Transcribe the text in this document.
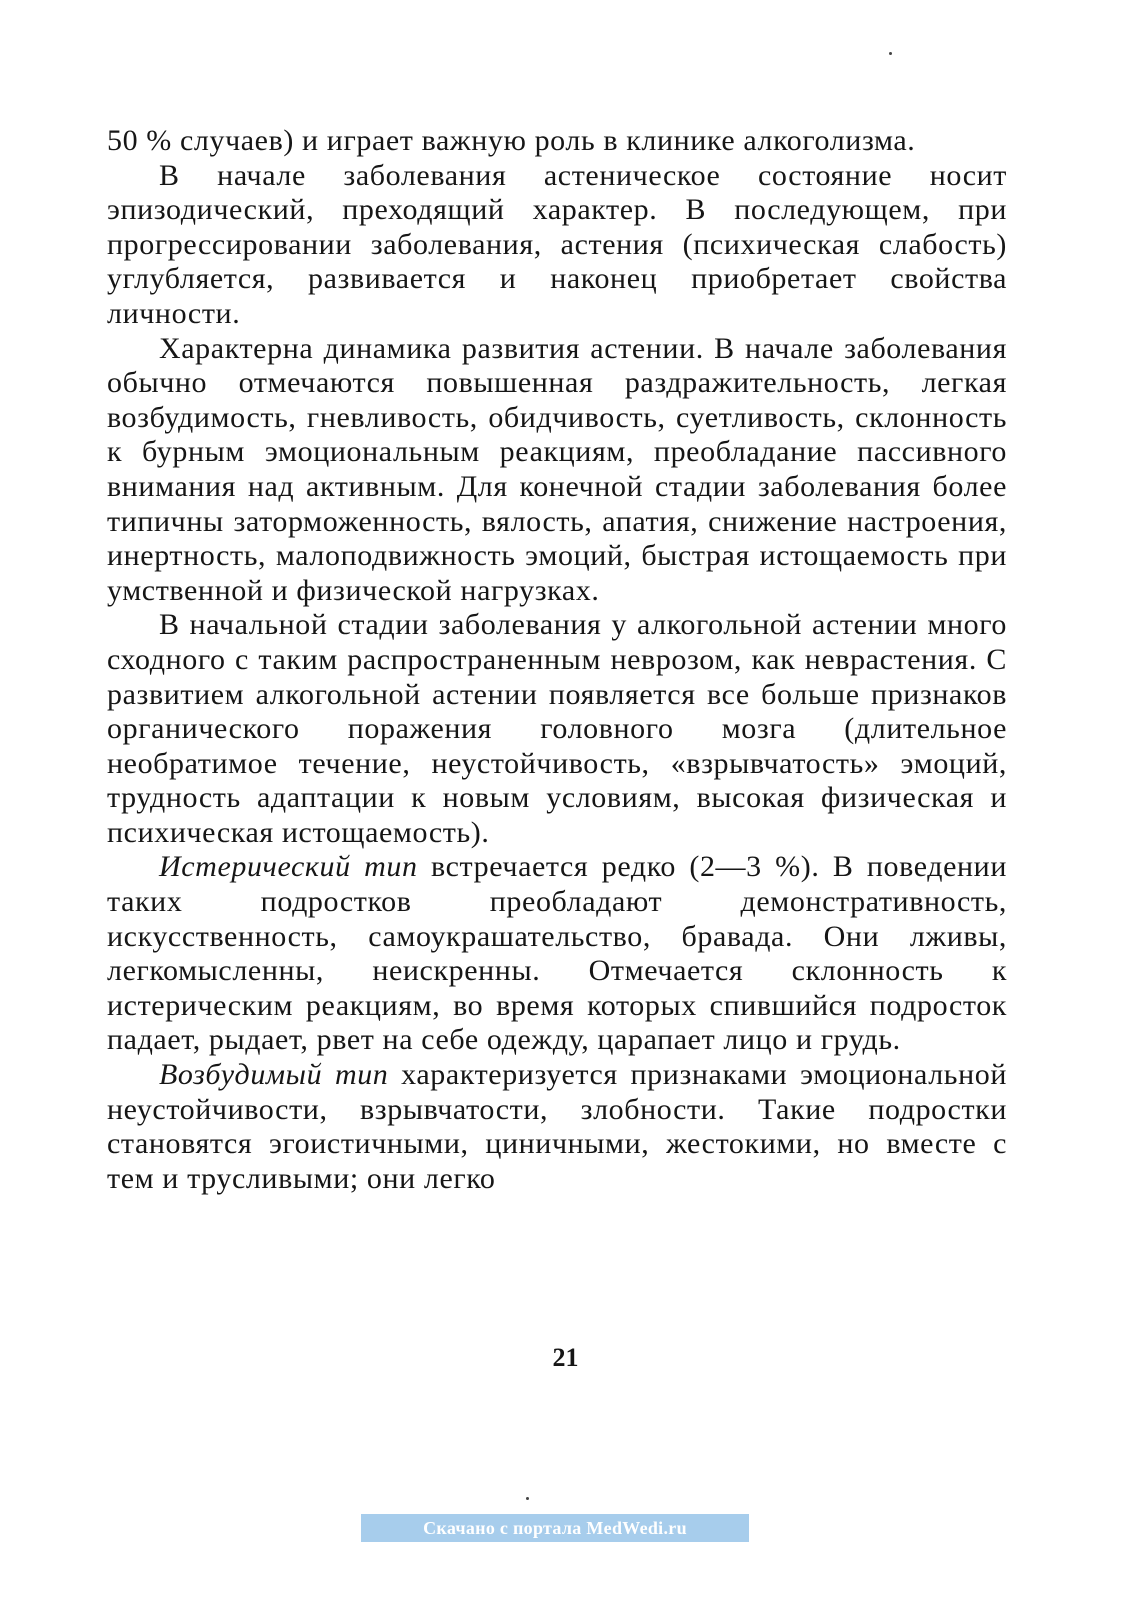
50 % случаев) и играет важную роль в клинике алкоголизма.

В начале заболевания астеническое состояние носит эпизодический, преходящий характер. В последующем, при прогрессировании заболевания, астения (психическая слабость) углубляется, развивается и наконец приобретает свойства личности.

Характерна динамика развития астении. В начале заболевания обычно отмечаются повышенная раздражительность, легкая возбудимость, гневливость, обидчивость, суетливость, склонность к бурным эмоциональным реакциям, преобладание пассивного внимания над активным. Для конечной стадии заболевания более типичны заторможенность, вялость, апатия, снижение настроения, инертность, малоподвижность эмоций, быстрая истощаемость при умственной и физической нагрузках.

В начальной стадии заболевания у алкогольной астении много сходного с таким распространенным неврозом, как неврастения. С развитием алкогольной астении появляется все больше признаков органического поражения головного мозга (длительное необратимое течение, неустойчивость, «взрывчатость» эмоций, трудность адаптации к новым условиям, высокая физическая и психическая истощаемость).

Истерический тип встречается редко (2—3 %). В поведении таких подростков преобладают демонстративность, искусственность, самоукрашательство, бравада. Они лживы, легкомысленны, неискренны. Отмечается склонность к истерическим реакциям, во время которых спившийся подросток падает, рыдает, рвет на себе одежду, царапает лицо и грудь.

Возбудимый тип характеризуется признаками эмоциональной неустойчивости, взрывчатости, злобности. Такие подростки становятся эгоистичными, циничными, жестокими, но вместе с тем и трусливыми; они легко

21
Скачано с портала MedWedi.ru
